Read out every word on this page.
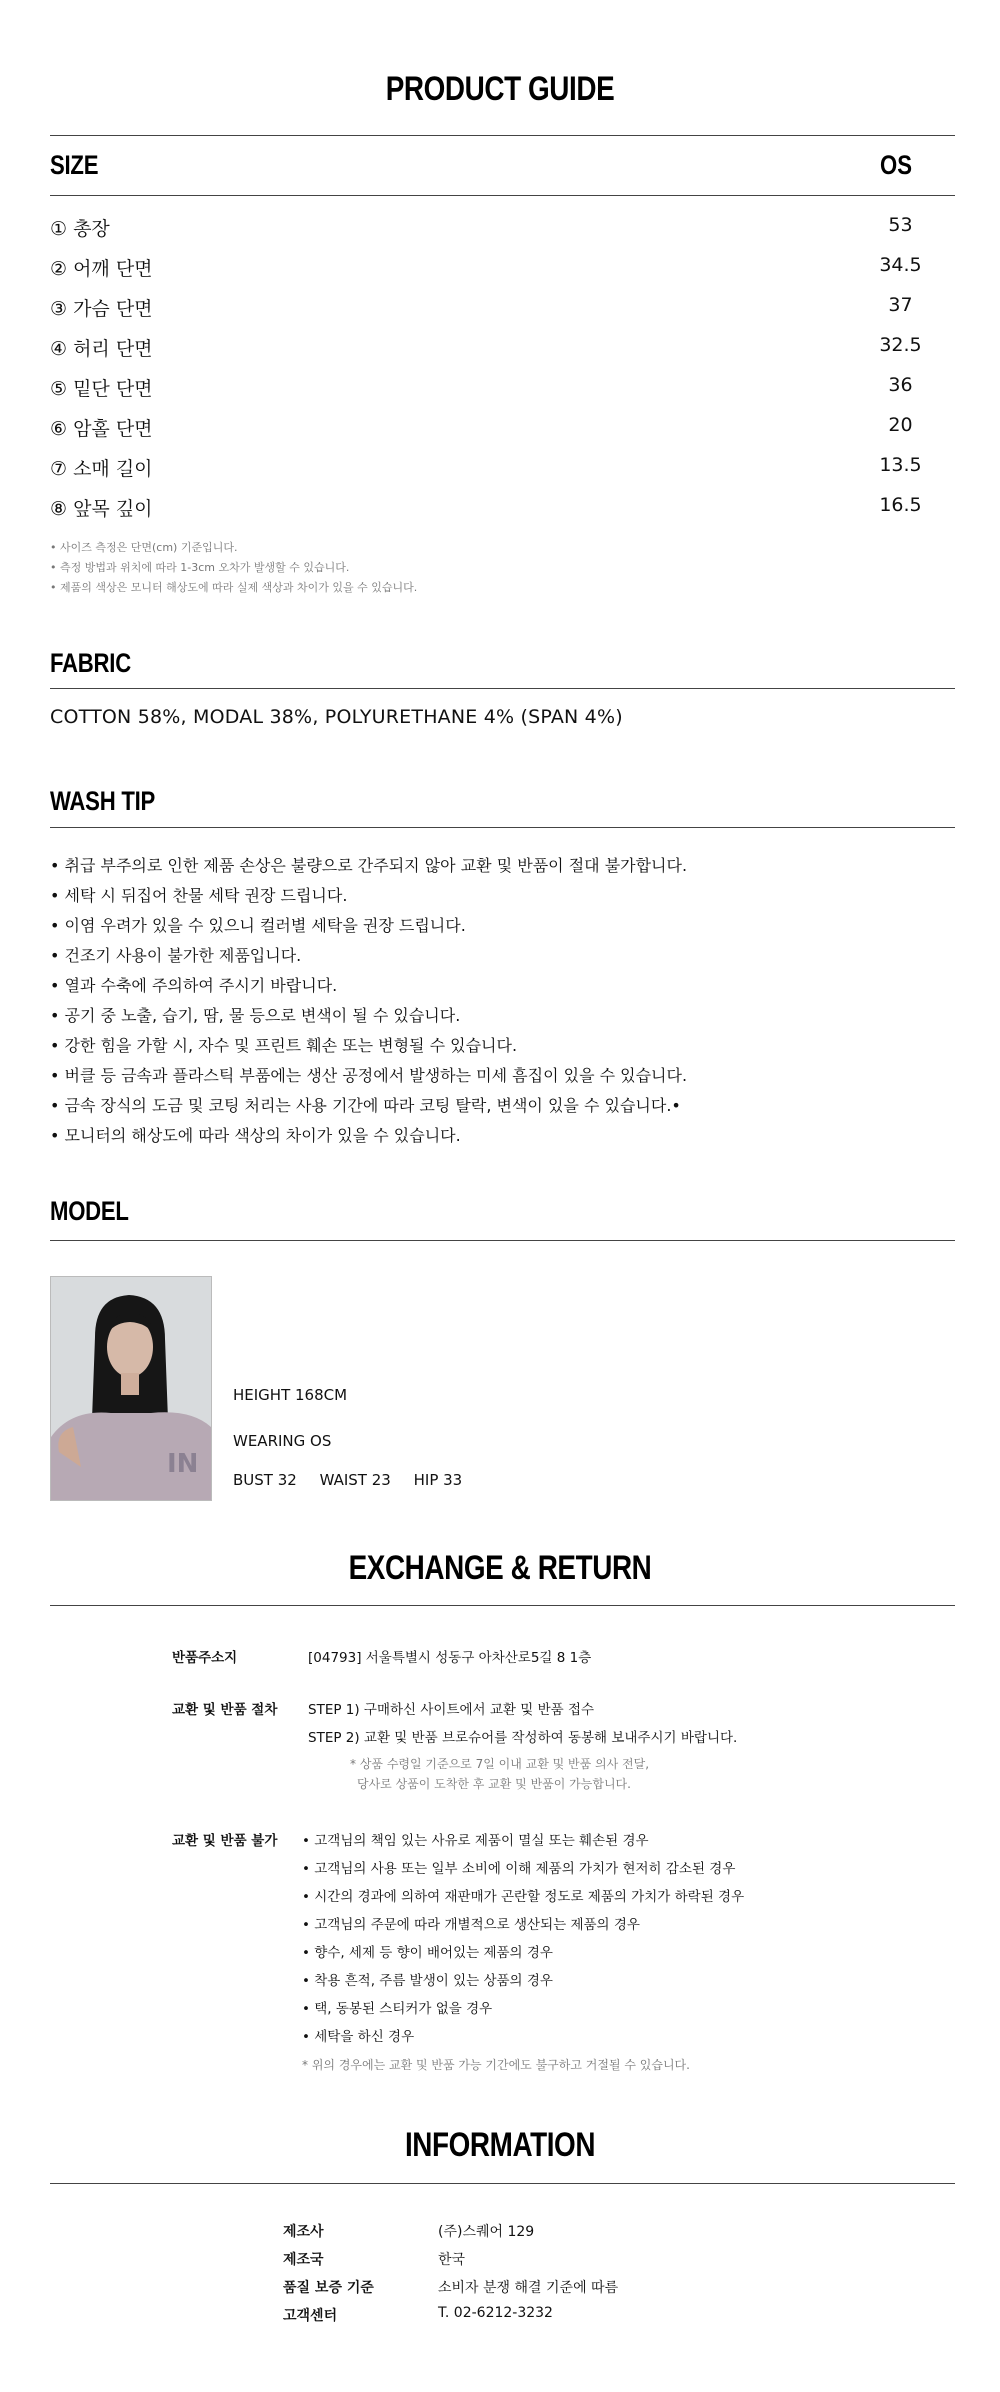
PRODUCT GUIDE
SIZE	OS
① 총장	53
② 어깨 단면	34.5
③ 가슴 단면	37
④ 허리 단면	32.5
⑤ 밑단 단면	36
⑥ 암홀 단면	20
⑦ 소매 길이	13.5
⑧ 앞목 깊이	16.5
• 사이즈 측정은 단면(cm) 기준입니다.
• 측정 방법과 위치에 따라 1-3cm 오차가 발생할 수 있습니다.
• 제품의 색상은 모니터 해상도에 따라 실제 색상과 차이가 있을 수 있습니다.
FABRIC
COTTON 58%, MODAL 38%, POLYURETHANE 4% (SPAN 4%)
WASH TIP
• 취급 부주의로 인한 제품 손상은 불량으로 간주되지 않아 교환 및 반품이 절대 불가합니다.
• 세탁 시 뒤집어 찬물 세탁 권장 드립니다.
• 이염 우려가 있을 수 있으니 컬러별 세탁을 권장 드립니다.
• 건조기 사용이 불가한 제품입니다.
• 열과 수축에 주의하여 주시기 바랍니다.
• 공기 중 노출, 습기, 땀, 물 등으로 변색이 될 수 있습니다.
• 강한 힘을 가할 시, 자수 및 프린트 훼손 또는 변형될 수 있습니다.
• 버클 등 금속과 플라스틱 부품에는 생산 공정에서 발생하는 미세 흠집이 있을 수 있습니다.
• 금속 장식의 도금 및 코팅 처리는 사용 기간에 따라 코팅 탈락, 변색이 있을 수 있습니다.•
• 모니터의 해상도에 따라 색상의 차이가 있을 수 있습니다.
MODEL
IN
HEIGHT 168CM
WEARING OS
BUST 32 WAIST 23 HIP 33
EXCHANGE & RETURN
반품주소지	[04793] 서울특별시 성동구 아차산로5길 8 1층
교환 및 반품 절차 STEP 1) 구매하신 사이트에서 교환 및 반품 접수
STEP 2) 교환 및 반품 브로슈어를 작성하여 동봉해 보내주시기 바랍니다.
* 상품 수령일 기준으로 7일 이내 교환 및 반품 의사 전달,
당사로 상품이 도착한 후 교환 및 반품이 가능합니다.
교환 및 반품 불가 • 고객님의 책임 있는 사유로 제품이 멸실 또는 훼손된 경우
• 고객님의 사용 또는 일부 소비에 이해 제품의 가치가 현저히 감소된 경우
• 시간의 경과에 의하여 재판매가 곤란할 정도로 제품의 가치가 하락된 경우
• 고객님의 주문에 따라 개별적으로 생산되는 제품의 경우
• 향수, 세제 등 향이 배어있는 제품의 경우
• 착용 흔적, 주름 발생이 있는 상품의 경우
• 택, 동봉된 스티커가 없을 경우
• 세탁을 하신 경우
* 위의 경우에는 교환 및 반품 가능 기간에도 불구하고 거절될 수 있습니다.
INFORMATION
제조사	(주)스퀘어 129
제조국	한국
품질 보증 기준	소비자 분쟁 해결 기준에 따름
고객센터	T. 02-6212-3232
